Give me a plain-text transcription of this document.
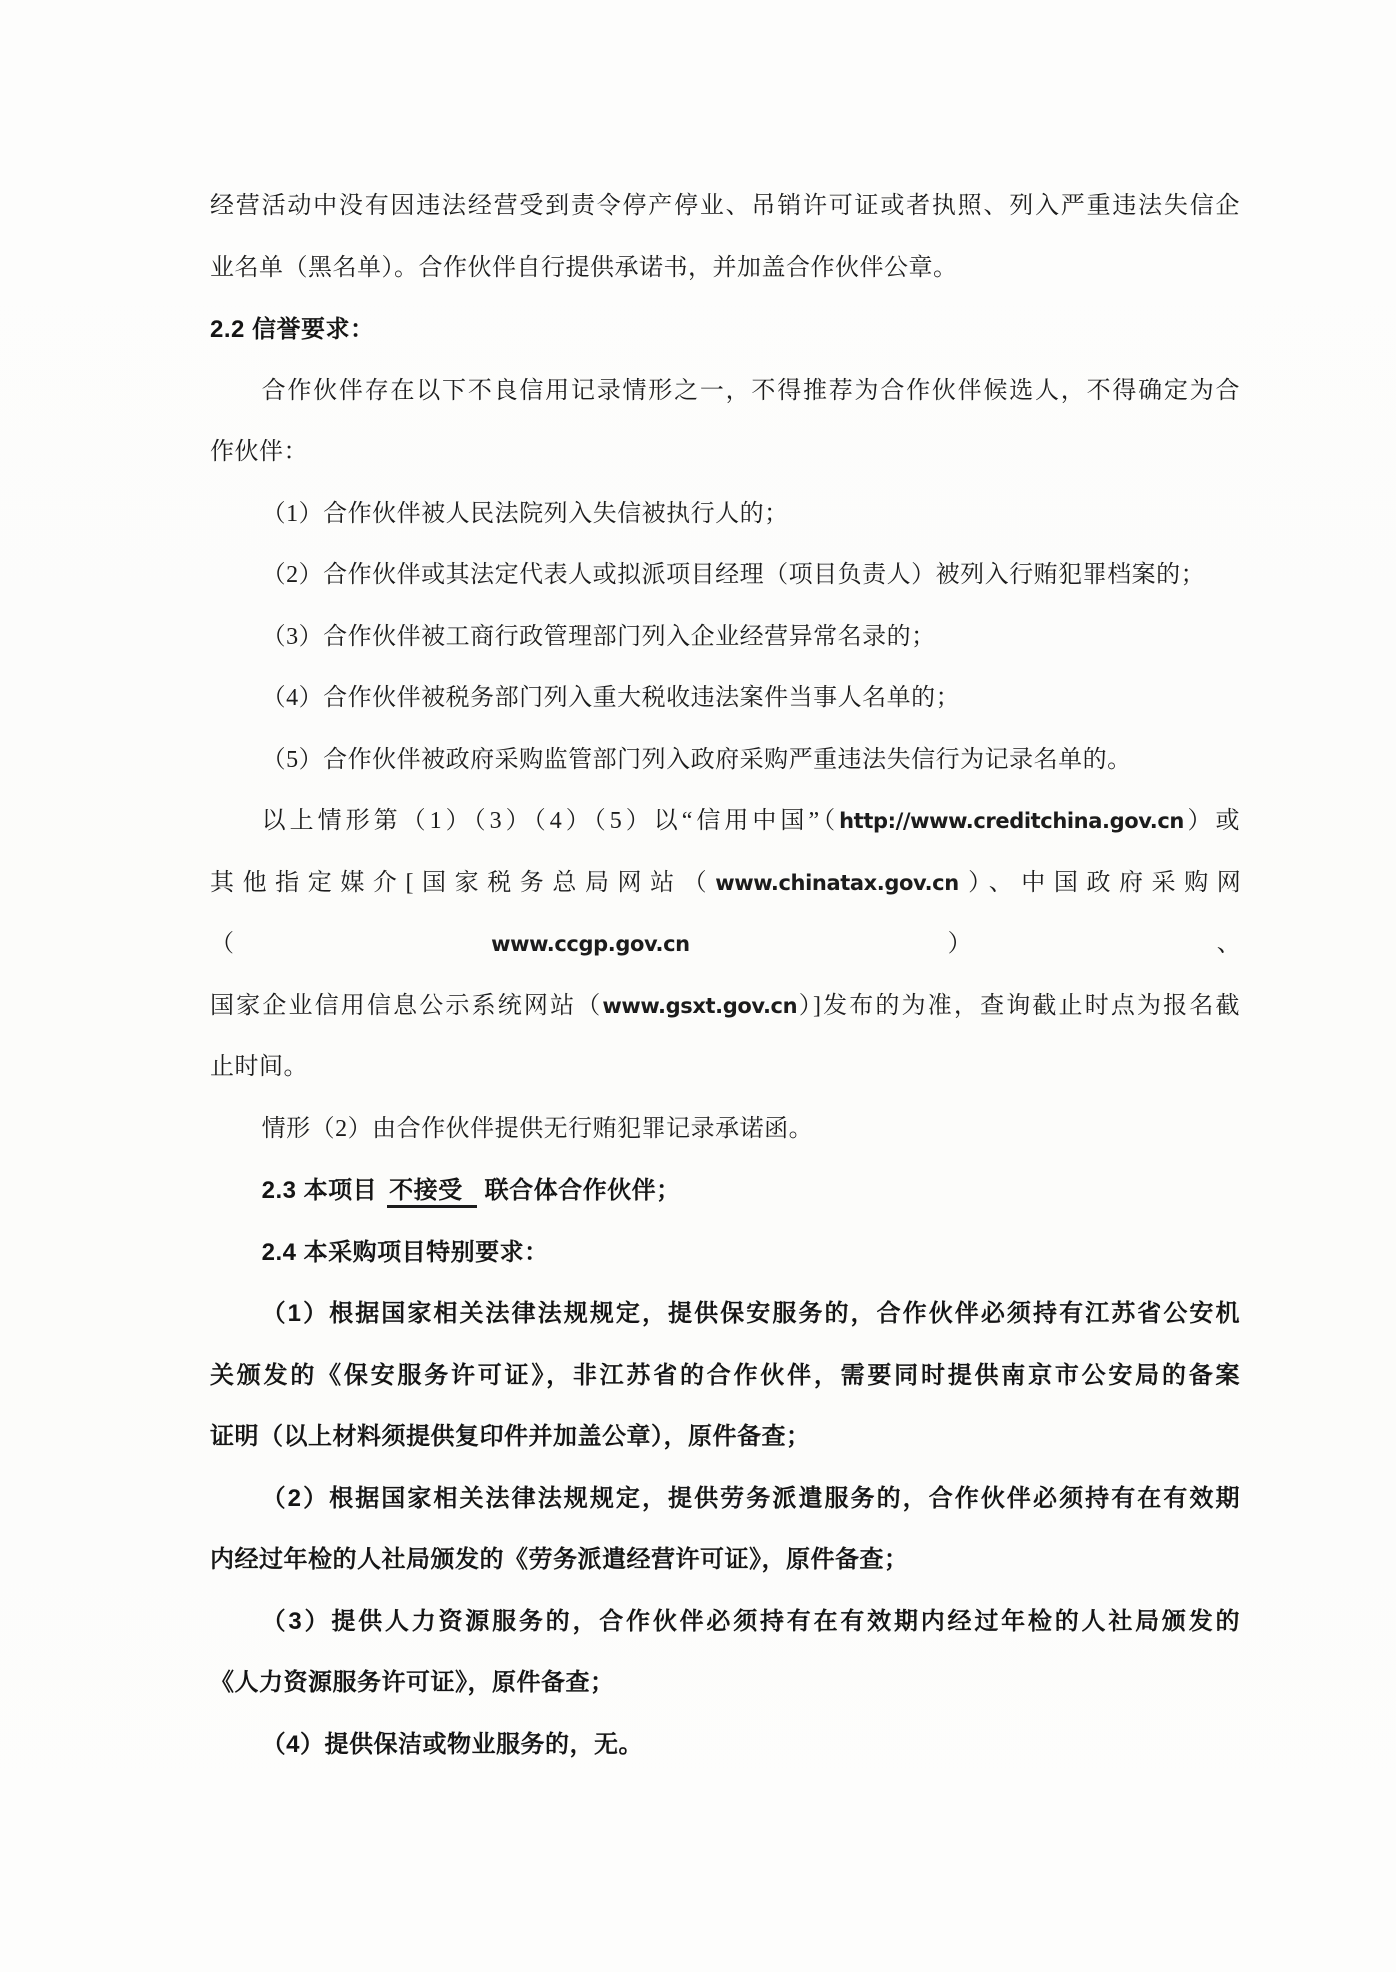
经营活动中没有因违法经营受到责令停产停业、吊销许可证或者执照、列入严重违法失信企
业名单（黑名单）。合作伙伴自行提供承诺书，并加盖合作伙伴公章。
2.2 信誉要求：
合作伙伴存在以下不良信用记录情形之一，不得推荐为合作伙伴候选人，不得确定为合
作伙伴：
（1）合作伙伴被人民法院列入失信被执行人的；
（2）合作伙伴或其法定代表人或拟派项目经理（项目负责人）被列入行贿犯罪档案的；
（3）合作伙伴被工商行政管理部门列入企业经营异常名录的；
（4）合作伙伴被税务部门列入重大税收违法案件当事人名单的；
（5）合作伙伴被政府采购监管部门列入政府采购严重违法失信行为记录名单的。
以上情形第（1）（3）（4）（5）以“信用中国”（http://www.creditchina.gov.cn）或
其他指定媒介[国家税务总局网站（www.chinatax.gov.cn）、中国政府采购网（www.ccgp.gov.cn）、
国家企业信用信息公示系统网站（www.gsxt.gov.cn）]发布的为准，查询截止时点为报名截
止时间。
情形（2）由合作伙伴提供无行贿犯罪记录承诺函。
2.3 本项目 不接受 联合体合作伙伴；
2.4 本采购项目特别要求：
（1）根据国家相关法律法规规定，提供保安服务的，合作伙伴必须持有江苏省公安机
关颁发的《保安服务许可证》，非江苏省的合作伙伴，需要同时提供南京市公安局的备案
证明（以上材料须提供复印件并加盖公章），原件备查；
（2）根据国家相关法律法规规定，提供劳务派遣服务的，合作伙伴必须持有在有效期
内经过年检的人社局颁发的《劳务派遣经营许可证》，原件备查；
（3）提供人力资源服务的，合作伙伴必须持有在有效期内经过年检的人社局颁发的
《人力资源服务许可证》，原件备查；
（4）提供保洁或物业服务的，无。
